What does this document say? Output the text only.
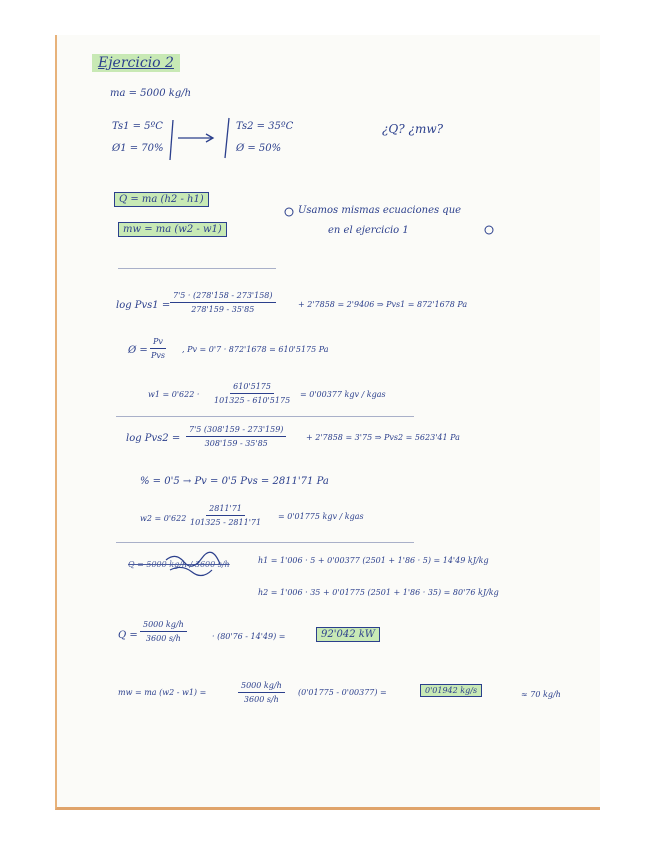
Ejercicio 2
ma = 5000 kg/h
Ts1 = 5ºC
Ø1 = 70%
Ts2 = 35ºC
Ø = 50%
¿Q? ¿mw?
Q = ma (h2 - h1)
mw = ma (w2 - w1)
Usamos mismas ecuaciones que
en el ejercicio 1
$\log Pvs1 = \frac{7'5 \cdot (278'158 - 273'158)}{278'159 - 35'85}$	+ 2'7858 = 2'9406 ⇒ Pvs1 = 872'1678 Pa
Ø =
Pv
Pvs
, Pv = 0'7 · 872'1678 = 610'5175 Pa
$w1 = 0'622 \cdot \frac{610'5175}{101325 - 610'5175} = 0'00377$ kgv / kgas
$\log Pvs2 = \frac{7'5 (308'159 - 273'159)}{308'159 - 35'85} + 2'7858 = 3'75$ ⇒ Pvs2 = 5623'41 Pa
% = 0'5 → Pv = 0'5 Pvs = 2811'71 Pa
$w2 = 0'622 \frac{2811'71}{101325 - 2811'71} = 0'01775$ kgv / kgas
Q = 5000 kg/h / 3600 s/h	h1 = 1'006 · 5 + 0'00377 (2501 + 1'86 · 5) = 14'49 kJ/kg
h2 = 1'006 · 35 + 0'01775 (2501 + 1'86 · 35) = 80'76 kJ/kg
$Q = \frac{5000 kg/h}{3600 s/h}$	· (80'76 - 14'49) =	92'042 kW
mw = ma (w2 - w1) =	$\frac{5000 kg/h}{3600 s/h} (0'01775 - 0'00377)$ =	0'01942 kg/s	≈ 70 kg/h
